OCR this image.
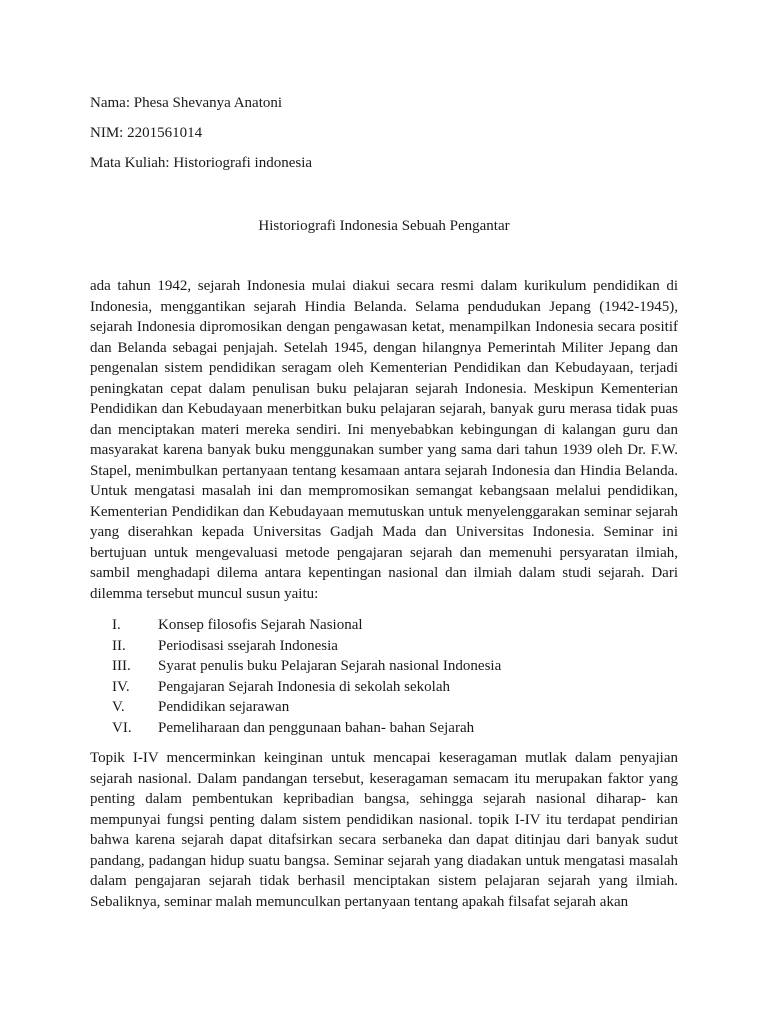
Nama: Phesa Shevanya Anatoni
NIM: 2201561014
Mata Kuliah: Historiografi indonesia
Historiografi Indonesia Sebuah Pengantar

ada tahun 1942, sejarah Indonesia mulai diakui secara resmi dalam kurikulum pendidikan di Indonesia, menggantikan sejarah Hindia Belanda. Selama pendudukan Jepang (1942-1945), sejarah Indonesia dipromosikan dengan pengawasan ketat, menampilkan Indonesia secara positif dan Belanda sebagai penjajah. Setelah 1945, dengan hilangnya Pemerintah Militer Jepang dan pengenalan sistem pendidikan seragam oleh Kementerian Pendidikan dan Kebudayaan, terjadi peningkatan cepat dalam penulisan buku pelajaran sejarah Indonesia. Meskipun Kementerian Pendidikan dan Kebudayaan menerbitkan buku pelajaran sejarah, banyak guru merasa tidak puas dan menciptakan materi mereka sendiri. Ini menyebabkan kebingungan di kalangan guru dan masyarakat karena banyak buku menggunakan sumber yang sama dari tahun 1939 oleh Dr. F.W. Stapel, menimbulkan pertanyaan tentang kesamaan antara sejarah Indonesia dan Hindia Belanda. Untuk mengatasi masalah ini dan mempromosikan semangat kebangsaan melalui pendidikan, Kementerian Pendidikan dan Kebudayaan memutuskan untuk menyelenggarakan seminar sejarah yang diserahkan kepada Universitas Gadjah Mada dan Universitas Indonesia. Seminar ini bertujuan untuk mengevaluasi metode pengajaran sejarah dan memenuhi persyaratan ilmiah, sambil menghadapi dilema antara kepentingan nasional dan ilmiah dalam studi sejarah. Dari dilemma tersebut muncul susun yaitu:

I.	Konsep filosofis Sejarah Nasional
II.	Periodisasi ssejarah Indonesia
III.	Syarat penulis buku Pelajaran Sejarah nasional Indonesia
IV.	Pengajaran Sejarah Indonesia di sekolah sekolah
V.	Pendidikan sejarawan
VI.	Pemeliharaan dan penggunaan bahan- bahan Sejarah

Topik I-IV mencerminkan keinginan untuk mencapai keseragaman mutlak dalam penyajian sejarah nasional. Dalam pandangan tersebut, keseragaman semacam itu merupakan faktor yang penting dalam pembentukan kepribadian bangsa, sehingga sejarah nasional diharap- kan mempunyai fungsi penting dalam sistem pendidikan nasional. topik I-IV itu terdapat pendirian bahwa karena sejarah dapat ditafsirkan secara serbaneka dan dapat ditinjau dari banyak sudut pandang, padangan hidup suatu bangsa. Seminar sejarah yang diadakan untuk mengatasi masalah dalam pengajaran sejarah tidak berhasil menciptakan sistem pelajaran sejarah yang ilmiah. Sebaliknya, seminar malah memunculkan pertanyaan tentang apakah filsafat sejarah akan
